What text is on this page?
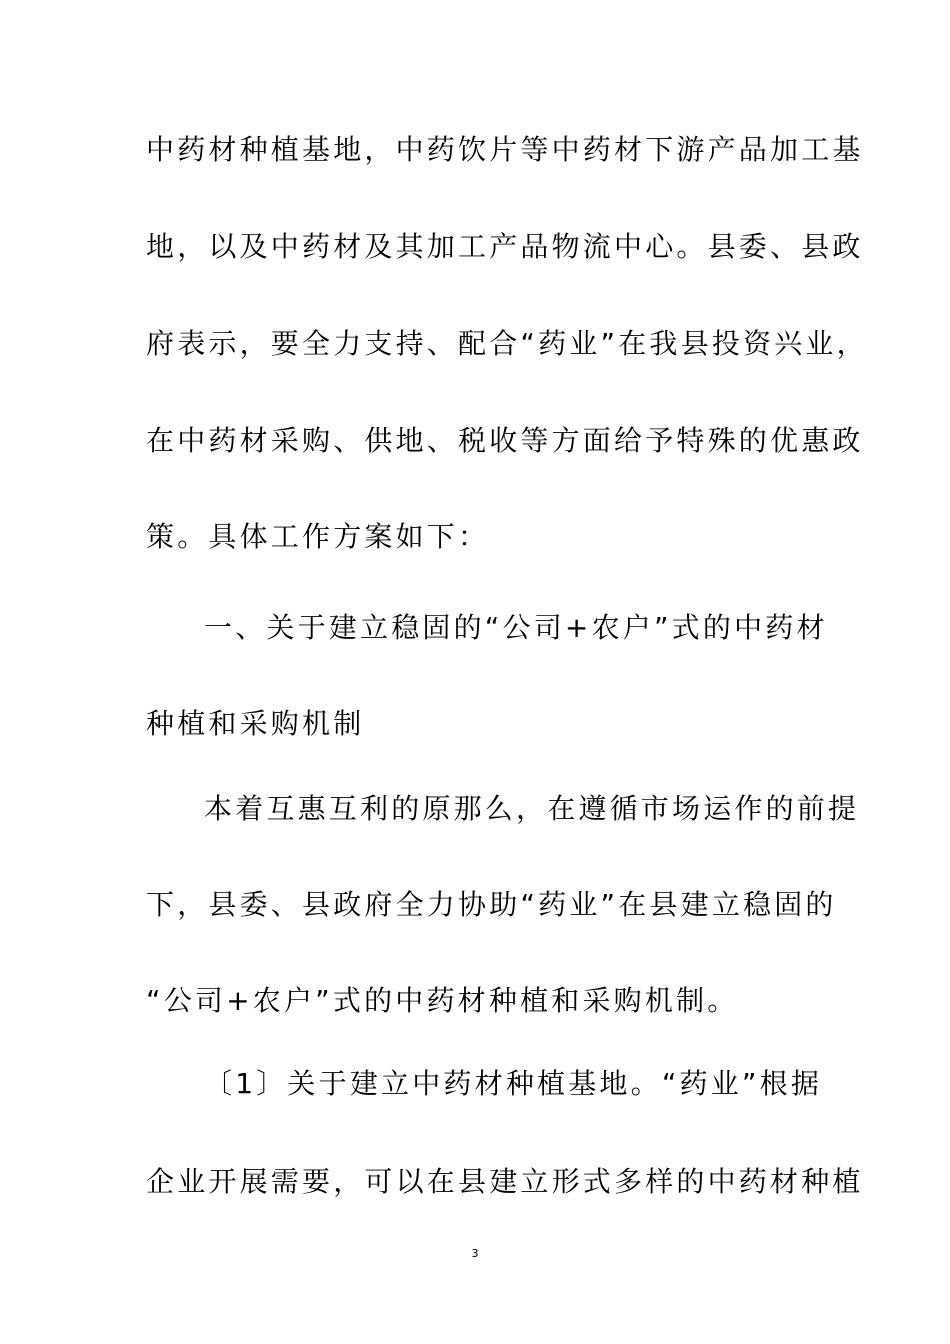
中药材种植基地，中药饮片等中药材下游产品加工基
地，以及中药材及其加工产品物流中心。县委、县政
府表示，要全力支持、配合“药业”在我县投资兴业，
在中药材采购、供地、税收等方面给予特殊的优惠政
策。具体工作方案如下：
一、关于建立稳固的“公司+农户”式的中药材
种植和采购机制
本着互惠互利的原那么，在遵循市场运作的前提
下，县委、县政府全力协助“药业”在县建立稳固的
“公司+农户”式的中药材种植和采购机制。
〔1〕关于建立中药材种植基地。“药业”根据
企业开展需要，可以在县建立形式多样的中药材种植
3
